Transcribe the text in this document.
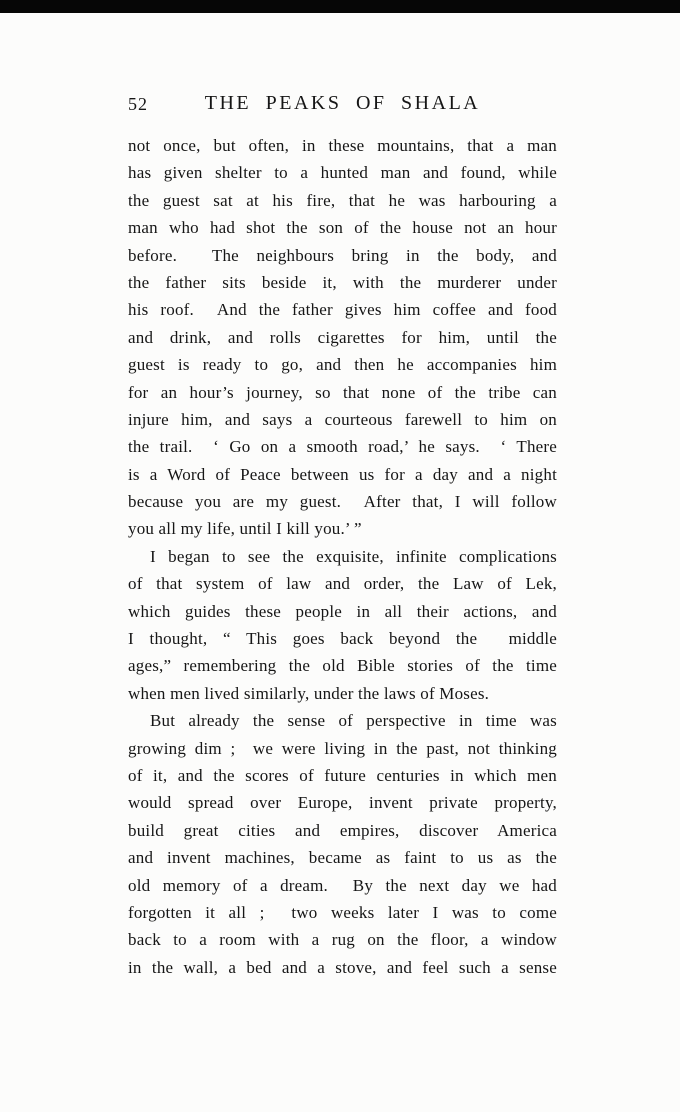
52	THE PEAKS OF SHALA
not once, but often, in these mountains, that a man
has given shelter to a hunted man and found, while
the guest sat at his fire, that he was harbouring a
man who had shot the son of the house not an hour
before.  The neighbours bring in the body, and
the father sits beside it, with the murderer under
his roof.  And the father gives him coffee and food
and drink, and rolls cigarettes for him, until the
guest is ready to go, and then he accompanies him
for an hour’s journey, so that none of the tribe can
injure him, and says a courteous farewell to him on
the trail.  ‘ Go on a smooth road,’ he says.  ‘ There
is a Word of Peace between us for a day and a night
because you are my guest.  After that, I will follow
you all my life, until I kill you.’ ”
I began to see the exquisite, infinite complications
of that system of law and order, the Law of Lek,
which guides these people in all their actions, and
I thought, “ This goes back beyond the  middle
ages,” remembering the old Bible stories of the time
when men lived similarly, under the laws of Moses.
But already the sense of perspective in time was
growing dim ;  we were living in the past, not thinking
of it, and the scores of future centuries in which men
would spread over Europe, invent private property,
build great cities and empires, discover America
and invent machines, became as faint to us as the
old memory of a dream.  By the next day we had
forgotten it all ;  two weeks later I was to come
back to a room with a rug on the floor, a window
in the wall, a bed and a stove, and feel such a sense
